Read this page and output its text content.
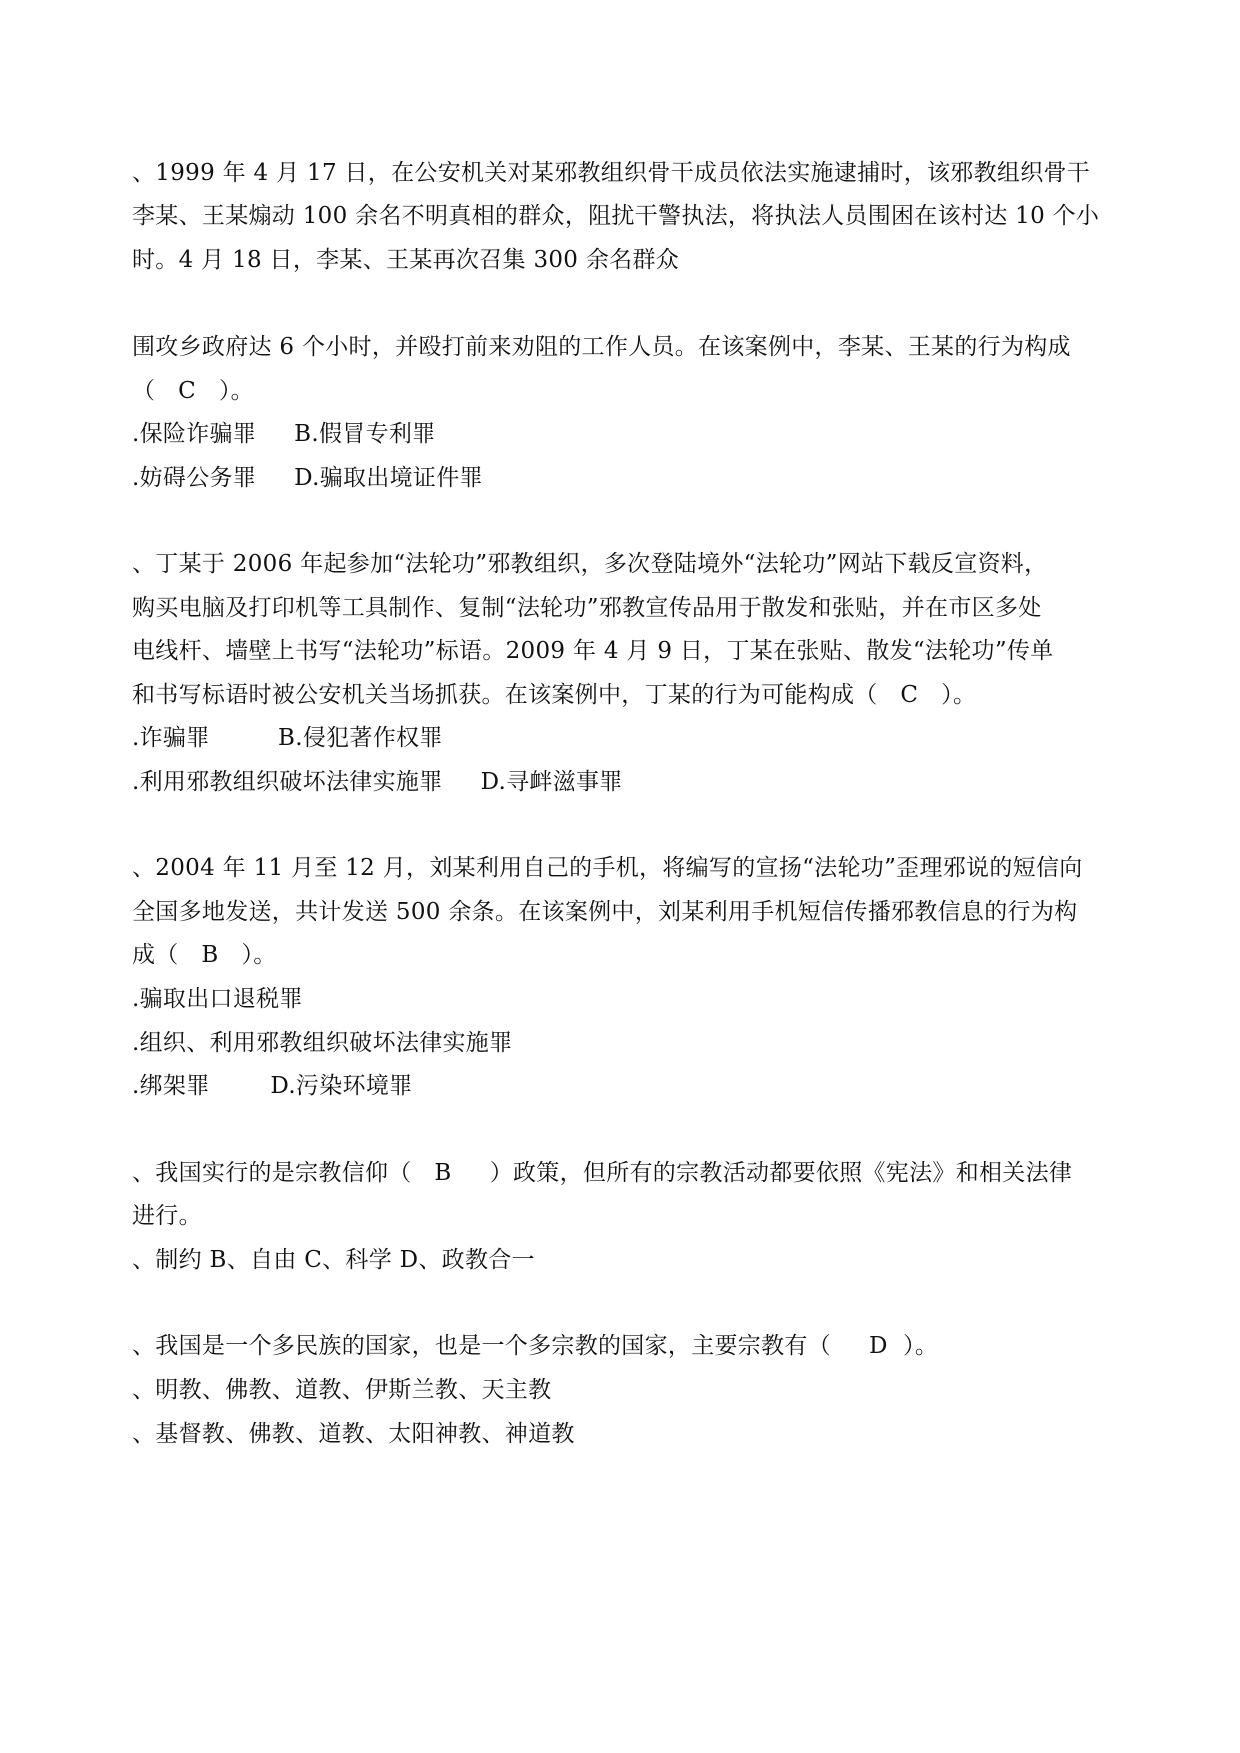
、1999 年 4 月 17 日，在公安机关对某邪教组织骨干成员依法实施逮捕时，该邪教组织骨干
李某、王某煽动 100 余名不明真相的群众，阻扰干警执法，将执法人员围困在该村达 10 个小
时。4 月 18 日，李某、王某再次召集 300 余名群众
围攻乡政府达 6 个小时，并殴打前来劝阻的工作人员。在该案例中，李某、王某的行为构成
（   C   ）。
.保险诈骗罪     B.假冒专利罪
.妨碍公务罪     D.骗取出境证件罪
、丁某于 2006 年起参加“法轮功”邪教组织，多次登陆境外“法轮功”网站下载反宣资料，
购买电脑及打印机等工具制作、复制“法轮功”邪教宣传品用于散发和张贴，并在市区多处
电线杆、墙壁上书写“法轮功”标语。2009 年 4 月 9 日，丁某在张贴、散发“法轮功”传单
和书写标语时被公安机关当场抓获。在该案例中，丁某的行为可能构成（   C   ）。
.诈骗罪         B.侵犯著作权罪
.利用邪教组织破坏法律实施罪     D.寻衅滋事罪
、2004 年 11 月至 12 月，刘某利用自己的手机，将编写的宣扬“法轮功”歪理邪说的短信向
全国多地发送，共计发送 500 余条。在该案例中，刘某利用手机短信传播邪教信息的行为构
成（   B   ）。
.骗取出口退税罪
.组织、利用邪教组织破坏法律实施罪
.绑架罪        D.污染环境罪
、我国实行的是宗教信仰（   B     ）政策，但所有的宗教活动都要依照《宪法》和相关法律
进行。
、制约 B、自由 C、科学 D、政教合一
、我国是一个多民族的国家，也是一个多宗教的国家，主要宗教有（     D  ）。
、明教、佛教、道教、伊斯兰教、天主教
、基督教、佛教、道教、太阳神教、神道教
